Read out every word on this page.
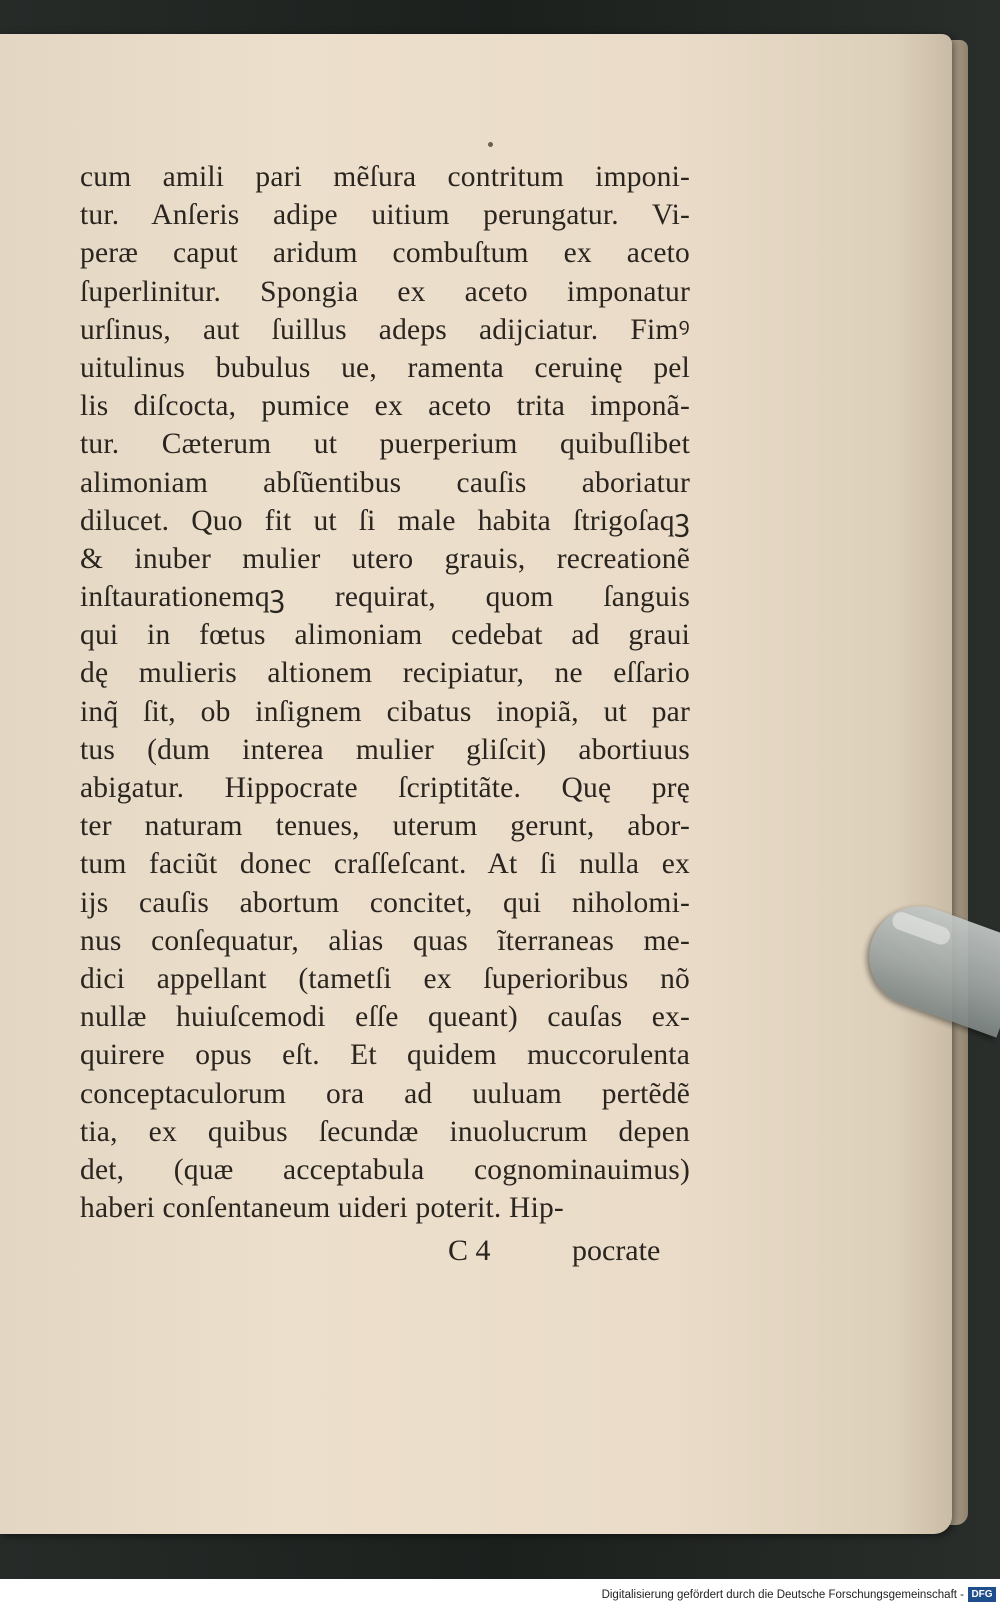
cum amili pari mẽſura contritum imponi-
tur. Anſeris adipe uitium perungatur. Vi-
peræ caput aridum combuſtum ex aceto
ſuperlinitur. Spongia ex aceto imponatur
urſinus, aut ſuillus adeps adijciatur. Fimꝰ
uitulinus bubulus ue, ramenta ceruinę pel
lis diſcocta, pumice ex aceto trita imponã-
tur. Cæterum ut puerperium quibuſlibet
alimoniam abſũentibus cauſis aboriatur
dilucet. Quo fit ut ſi male habita ſtrigoſaqꝫ
& inuber mulier utero grauis, recreationẽ
inſtaurationemqꝫ requirat, quom ſanguis
qui in fœtus alimoniam cedebat ad graui
dę mulieris altionem recipiatur, ne eſſario
inq̃ ſit, ob inſignem cibatus inopiã, ut par
tus (dum interea mulier gliſcit) abortiuus
abigatur. Hippocrate ſcriptitãte. Quę prę
ter naturam tenues, uterum gerunt, abor-
tum faciũt donec craſſeſcant. At ſi nulla ex
ijs cauſis abortum concitet, qui niholomi-
nus conſequatur, alias quas ĩterraneas me-
dici appellant (tametſi ex ſuperioribus nõ
nullæ huiuſcemodi eſſe queant) cauſas ex-
quirere opus eſt. Et quidem muccorulenta
conceptaculorum ora ad uuluam pertẽdẽ
tia, ex quibus ſecundæ inuolucrum depen
det, (quæ acceptabula cognominauimus)
haberi conſentaneum uideri poterit. Hip-
C 4	pocrate
Digitalisierung gefördert durch die Deutsche Forschungsgemeinschaft - DFG
